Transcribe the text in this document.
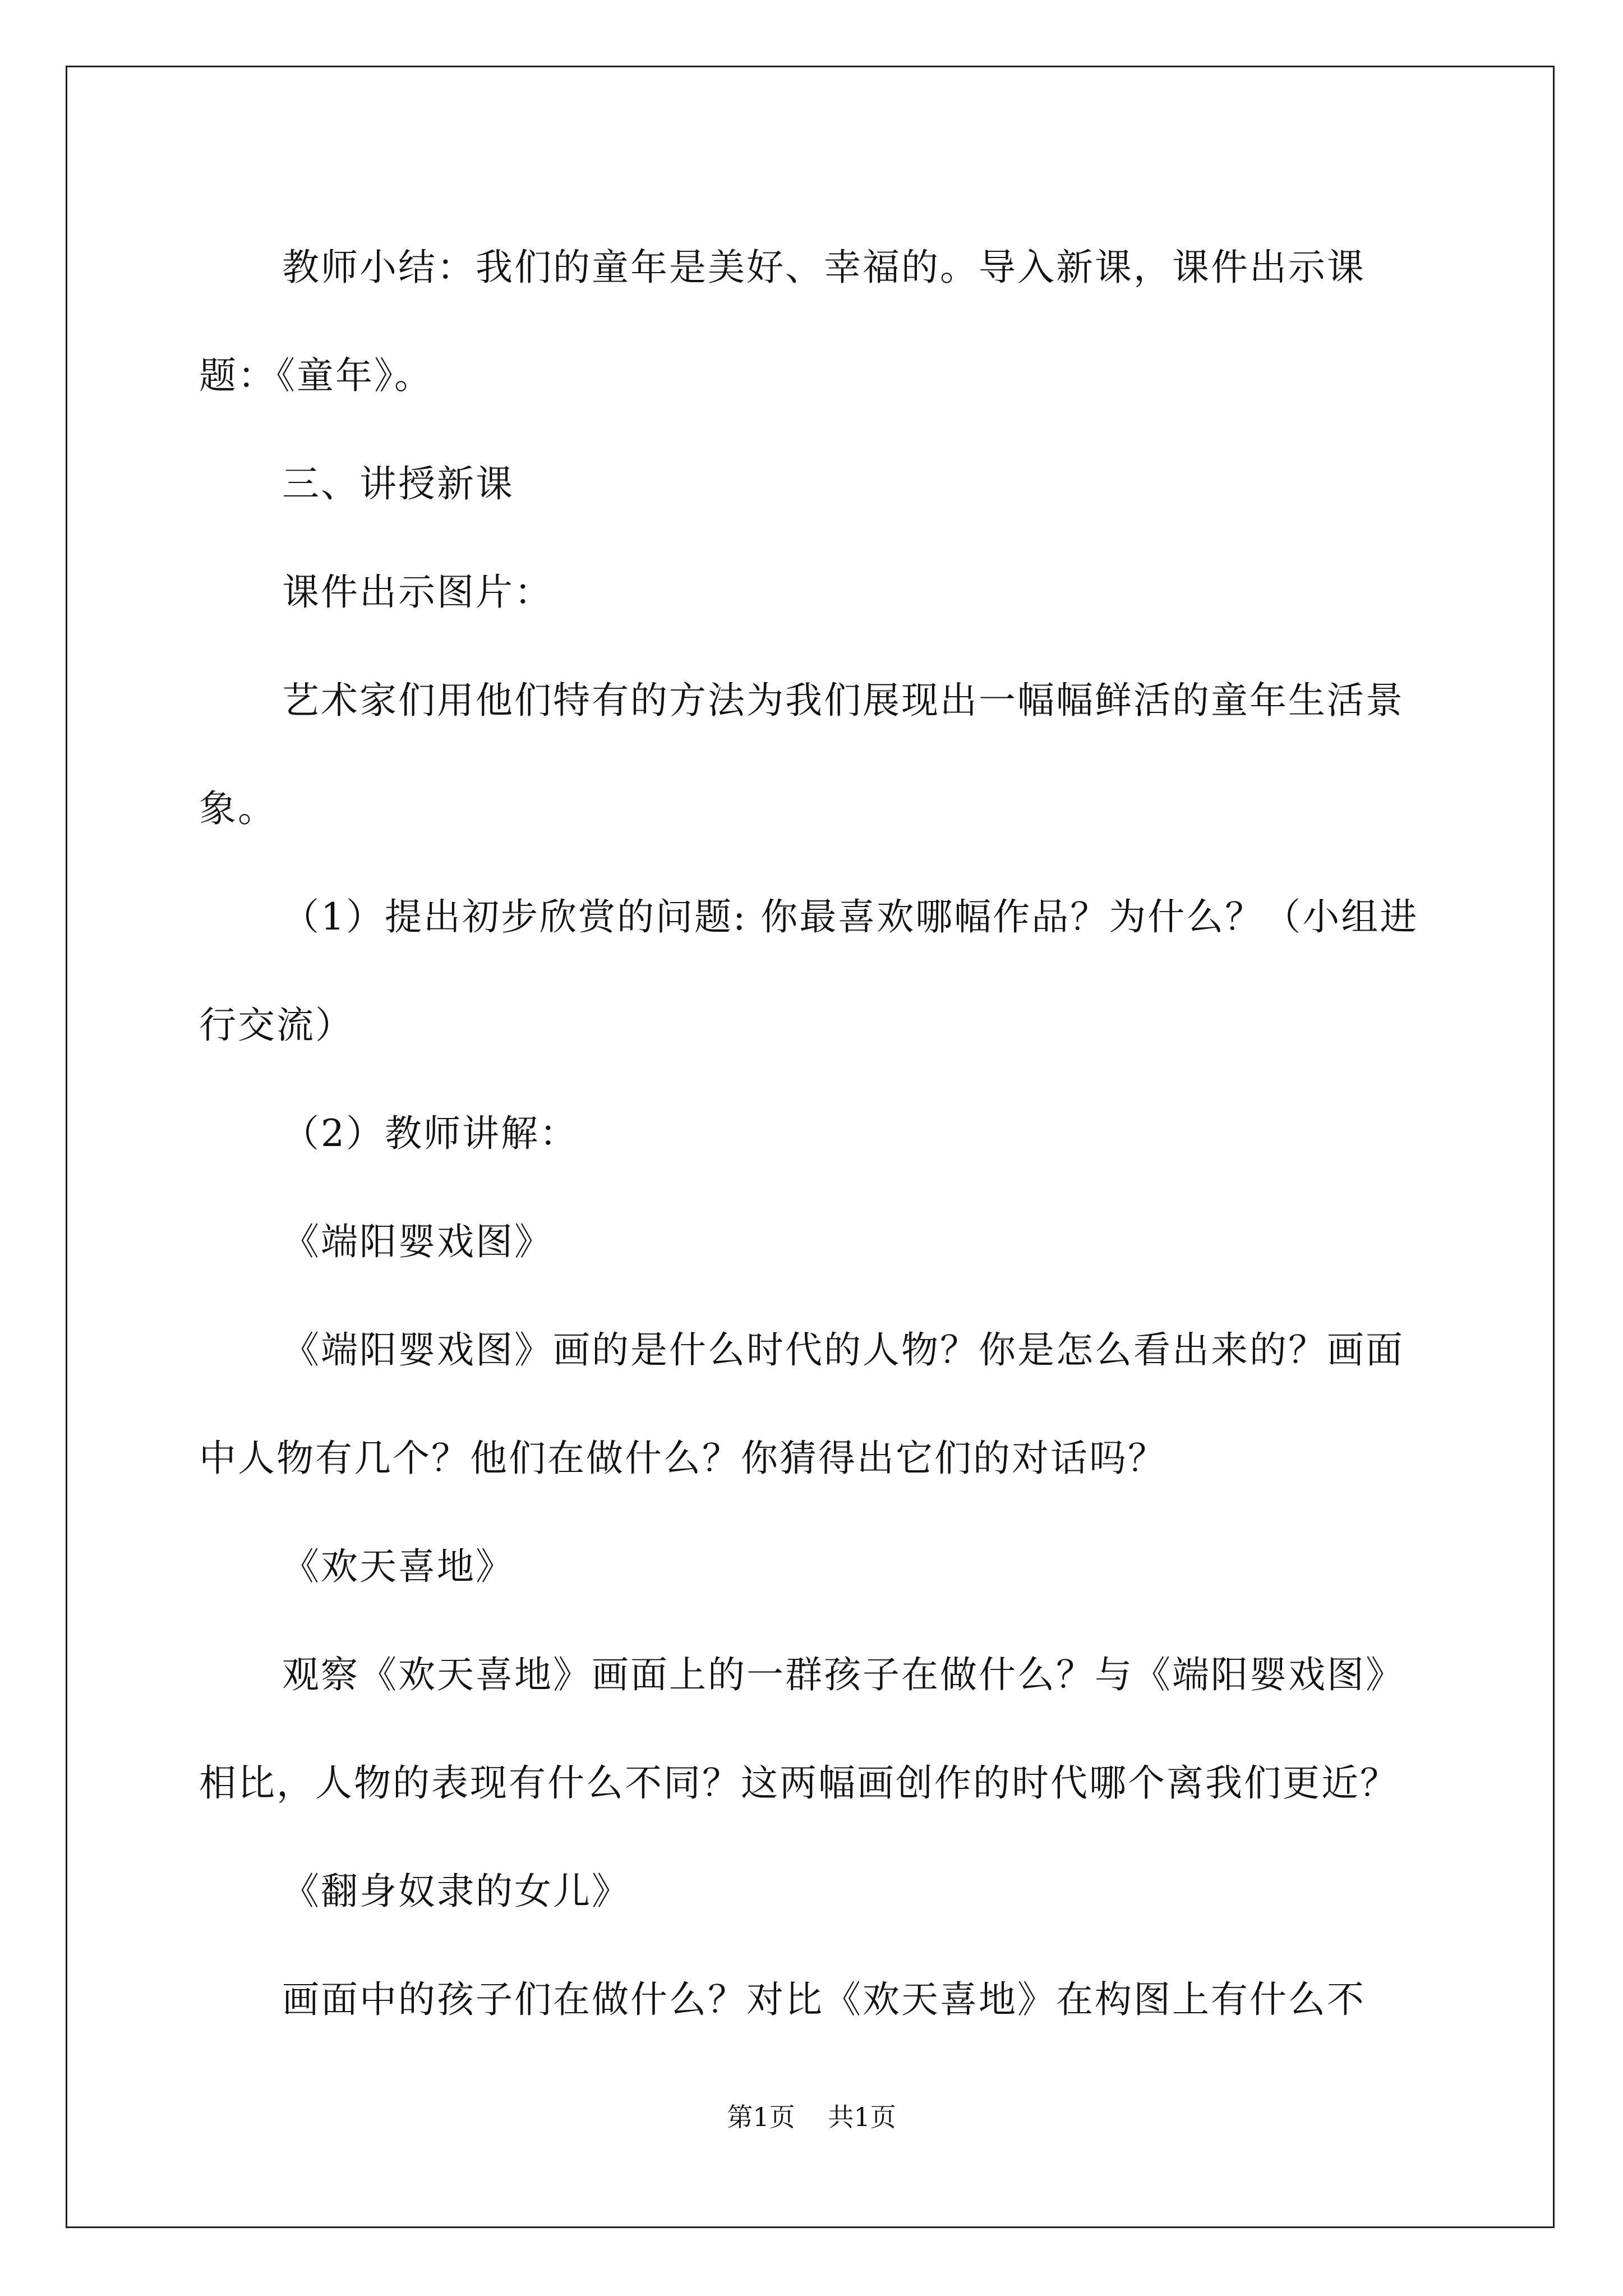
教师小结：我们的童年是美好、幸福的。导入新课，课件出示课题：《童年》。

三、讲授新课

课件出示图片：

艺术家们用他们特有的方法为我们展现出一幅幅鲜活的童年生活景象。

（1）提出初步欣赏的问题: 你最喜欢哪幅作品？为什么？（小组进行交流）

（2）教师讲解：

《端阳婴戏图》

《端阳婴戏图》画的是什么时代的人物？你是怎么看出来的？画面中人物有几个？他们在做什么？你猜得出它们的对话吗？

《欢天喜地》

观察《欢天喜地》画面上的一群孩子在做什么？与《端阳婴戏图》相比，人物的表现有什么不同？这两幅画创作的时代哪个离我们更近？

《翻身奴隶的女儿》

画面中的孩子们在做什么？对比《欢天喜地》在构图上有什么不

第1页 共1页
